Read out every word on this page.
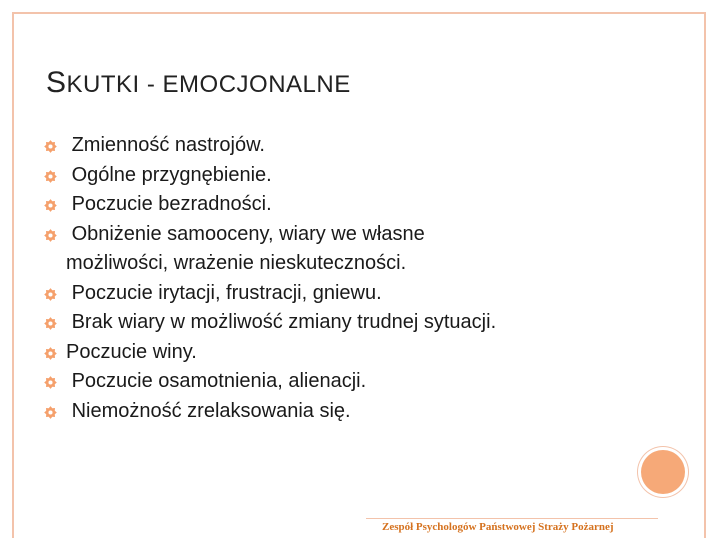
SKUTKI - EMOCJONALNE
Zmienność nastrojów.
Ogólne przygnębienie.
Poczucie bezradności.
Obniżenie samooceny, wiary we własne
możliwości, wrażenie nieskuteczności.
Poczucie irytacji, frustracji, gniewu.
Brak wiary w możliwość zmiany trudnej sytuacji.
Poczucie winy.
Poczucie osamotnienia, alienacji.
Niemożność zrelaksowania się.
Zespół Psychologów Państwowej Straży Pożarnej
